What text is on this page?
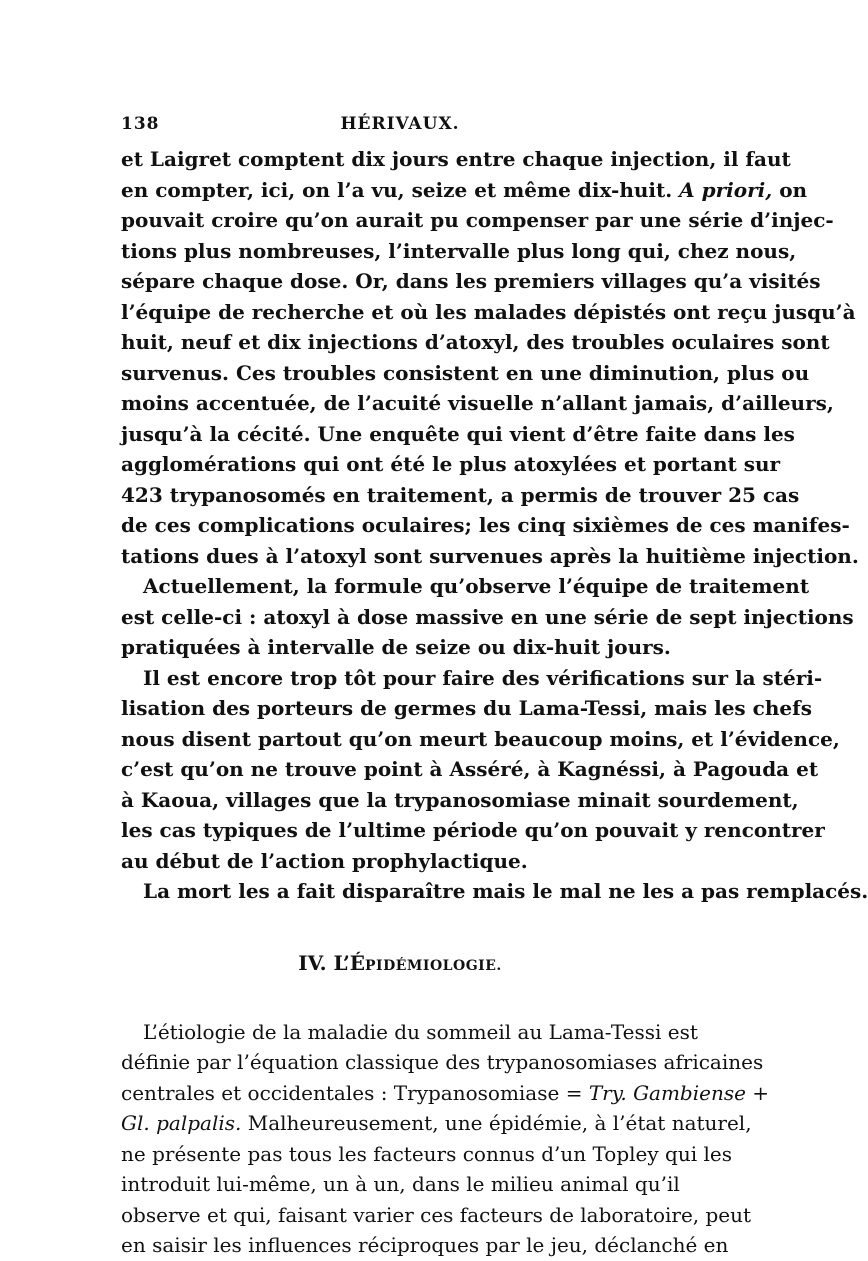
138	HÉRIVAUX.
et Laigret comptent dix jours entre chaque injection, il faut
en compter, ici, on l’a vu, seize et même dix-huit. A priori, on
pouvait croire qu’on aurait pu compenser par une série d’injec-
tions plus nombreuses, l’intervalle plus long qui, chez nous,
sépare chaque dose. Or, dans les premiers villages qu’a visités
l’équipe de recherche et où les malades dépistés ont reçu jusqu’à
huit, neuf et dix injections d’atoxyl, des troubles oculaires sont
survenus. Ces troubles consistent en une diminution, plus ou
moins accentuée, de l’acuité visuelle n’allant jamais, d’ailleurs,
jusqu’à la cécité. Une enquête qui vient d’être faite dans les
agglomérations qui ont été le plus atoxylées et portant sur
423 trypanosomés en traitement, a permis de trouver 25 cas
de ces complications oculaires; les cinq sixièmes de ces manifes-
tations dues à l’atoxyl sont survenues après la huitième injection.
Actuellement, la formule qu’observe l’équipe de traitement
est celle-ci : atoxyl à dose massive en une série de sept injections
pratiquées à intervalle de seize ou dix-huit jours.
Il est encore trop tôt pour faire des vérifications sur la stéri-
lisation des porteurs de germes du Lama-Tessi, mais les chefs
nous disent partout qu’on meurt beaucoup moins, et l’évidence,
c’est qu’on ne trouve point à Asséré, à Kagnéssi, à Pagouda et
à Kaoua, villages que la trypanosomiase minait sourdement,
les cas typiques de l’ultime période qu’on pouvait y rencontrer
au début de l’action prophylactique.
La mort les a fait disparaître mais le mal ne les a pas remplacés.
IV. L’ÉPIDÉMIOLOGIE.
L’étiologie de la maladie du sommeil au Lama-Tessi est
définie par l’équation classique des trypanosomiases africaines
centrales et occidentales : Trypanosomiase = Try. Gambiense +
Gl. palpalis. Malheureusement, une épidémie, à l’état naturel,
ne présente pas tous les facteurs connus d’un Topley qui les
introduit lui-même, un à un, dans le milieu animal qu’il
observe et qui, faisant varier ces facteurs de laboratoire, peut
en saisir les influences réciproques par le jeu, déclanché en
